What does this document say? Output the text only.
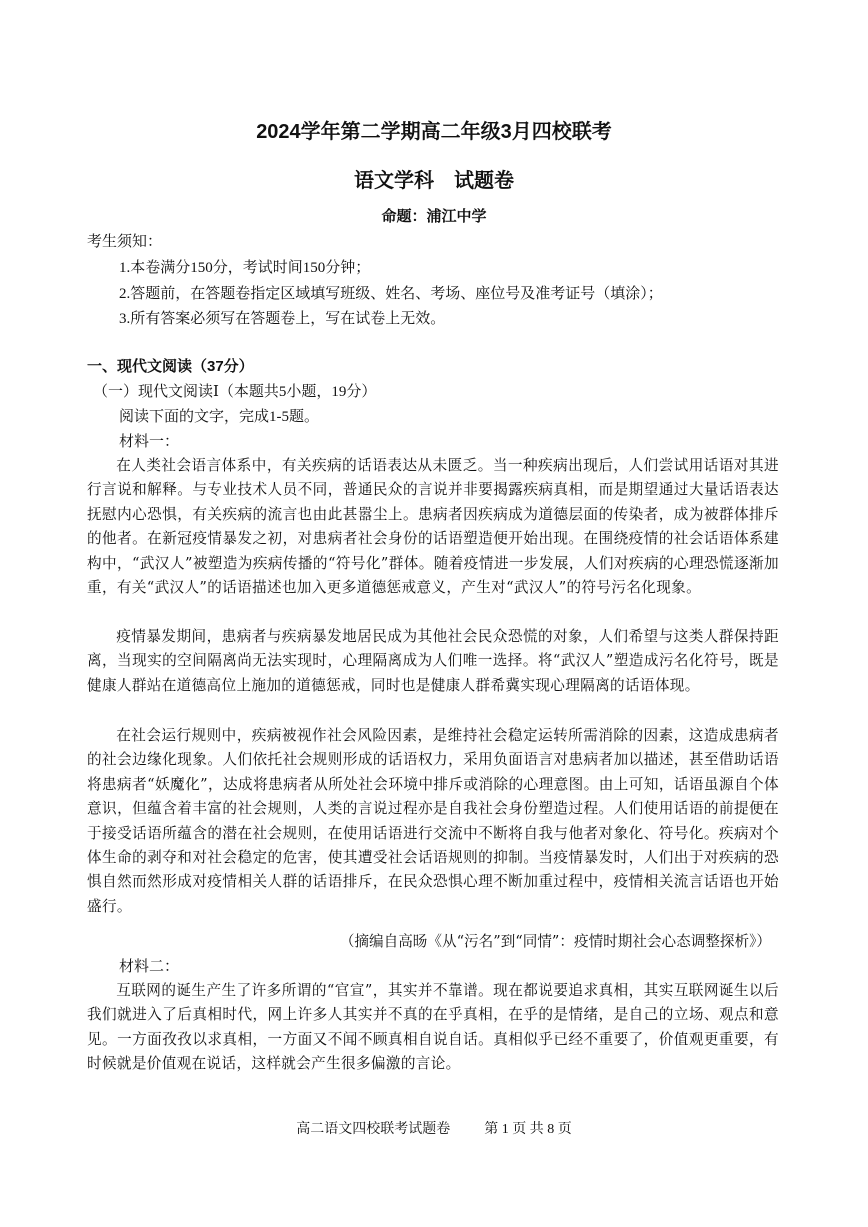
2024学年第二学期高二年级3月四校联考
语文学科　试题卷
命题：浦江中学
考生须知：
1.本卷满分150分，考试时间150分钟；
2.答题前，在答题卷指定区域填写班级、姓名、考场、座位号及准考证号（填涂）；
3.所有答案必须写在答题卷上，写在试卷上无效。
一、现代文阅读（37分）
（一）现代文阅读Ⅰ（本题共5小题，19分）
阅读下面的文字，完成1-5题。
材料一：
在人类社会语言体系中，有关疾病的话语表达从未匮乏。当一种疾病出现后，人们尝试用话语对其进行言说和解释。与专业技术人员不同，普通民众的言说并非要揭露疾病真相，而是期望通过大量话语表达抚慰内心恐惧，有关疾病的流言也由此甚嚣尘上。患病者因疾病成为道德层面的传染者，成为被群体排斥的他者。在新冠疫情暴发之初，对患病者社会身份的话语塑造便开始出现。在围绕疫情的社会话语体系建构中，“武汉人”被塑造为疾病传播的“符号化”群体。随着疫情进一步发展，人们对疾病的心理恐慌逐渐加重，有关“武汉人”的话语描述也加入更多道德惩戒意义，产生对“武汉人”的符号污名化现象。
疫情暴发期间，患病者与疾病暴发地居民成为其他社会民众恐慌的对象，人们希望与这类人群保持距离，当现实的空间隔离尚无法实现时，心理隔离成为人们唯一选择。将“武汉人”塑造成污名化符号，既是健康人群站在道德高位上施加的道德惩戒，同时也是健康人群希冀实现心理隔离的话语体现。
在社会运行规则中，疾病被视作社会风险因素，是维持社会稳定运转所需消除的因素，这造成患病者的社会边缘化现象。人们依托社会规则形成的话语权力，采用负面语言对患病者加以描述，甚至借助话语将患病者“妖魔化”，达成将患病者从所处社会环境中排斥或消除的心理意图。由上可知，话语虽源自个体意识，但蕴含着丰富的社会规则，人类的言说过程亦是自我社会身份塑造过程。人们使用话语的前提便在于接受话语所蕴含的潜在社会规则，在使用话语进行交流中不断将自我与他者对象化、符号化。疾病对个体生命的剥夺和对社会稳定的危害，使其遭受社会话语规则的抑制。当疫情暴发时，人们出于对疾病的恐惧自然而然形成对疫情相关人群的话语排斥，在民众恐惧心理不断加重过程中，疫情相关流言话语也开始盛行。
（摘编自高旸《从“污名”到“同情”：疫情时期社会心态调整探析》）
材料二：
互联网的诞生产生了许多所谓的“官宣”，其实并不靠谱。现在都说要追求真相，其实互联网诞生以后我们就进入了后真相时代，网上许多人其实并不真的在乎真相，在乎的是情绪，是自己的立场、观点和意见。一方面孜孜以求真相，一方面又不闻不顾真相自说自话。真相似乎已经不重要了，价值观更重要，有时候就是价值观在说话，这样就会产生很多偏激的言论。
高二语文四校联考试题卷 第 1 页 共 8 页
